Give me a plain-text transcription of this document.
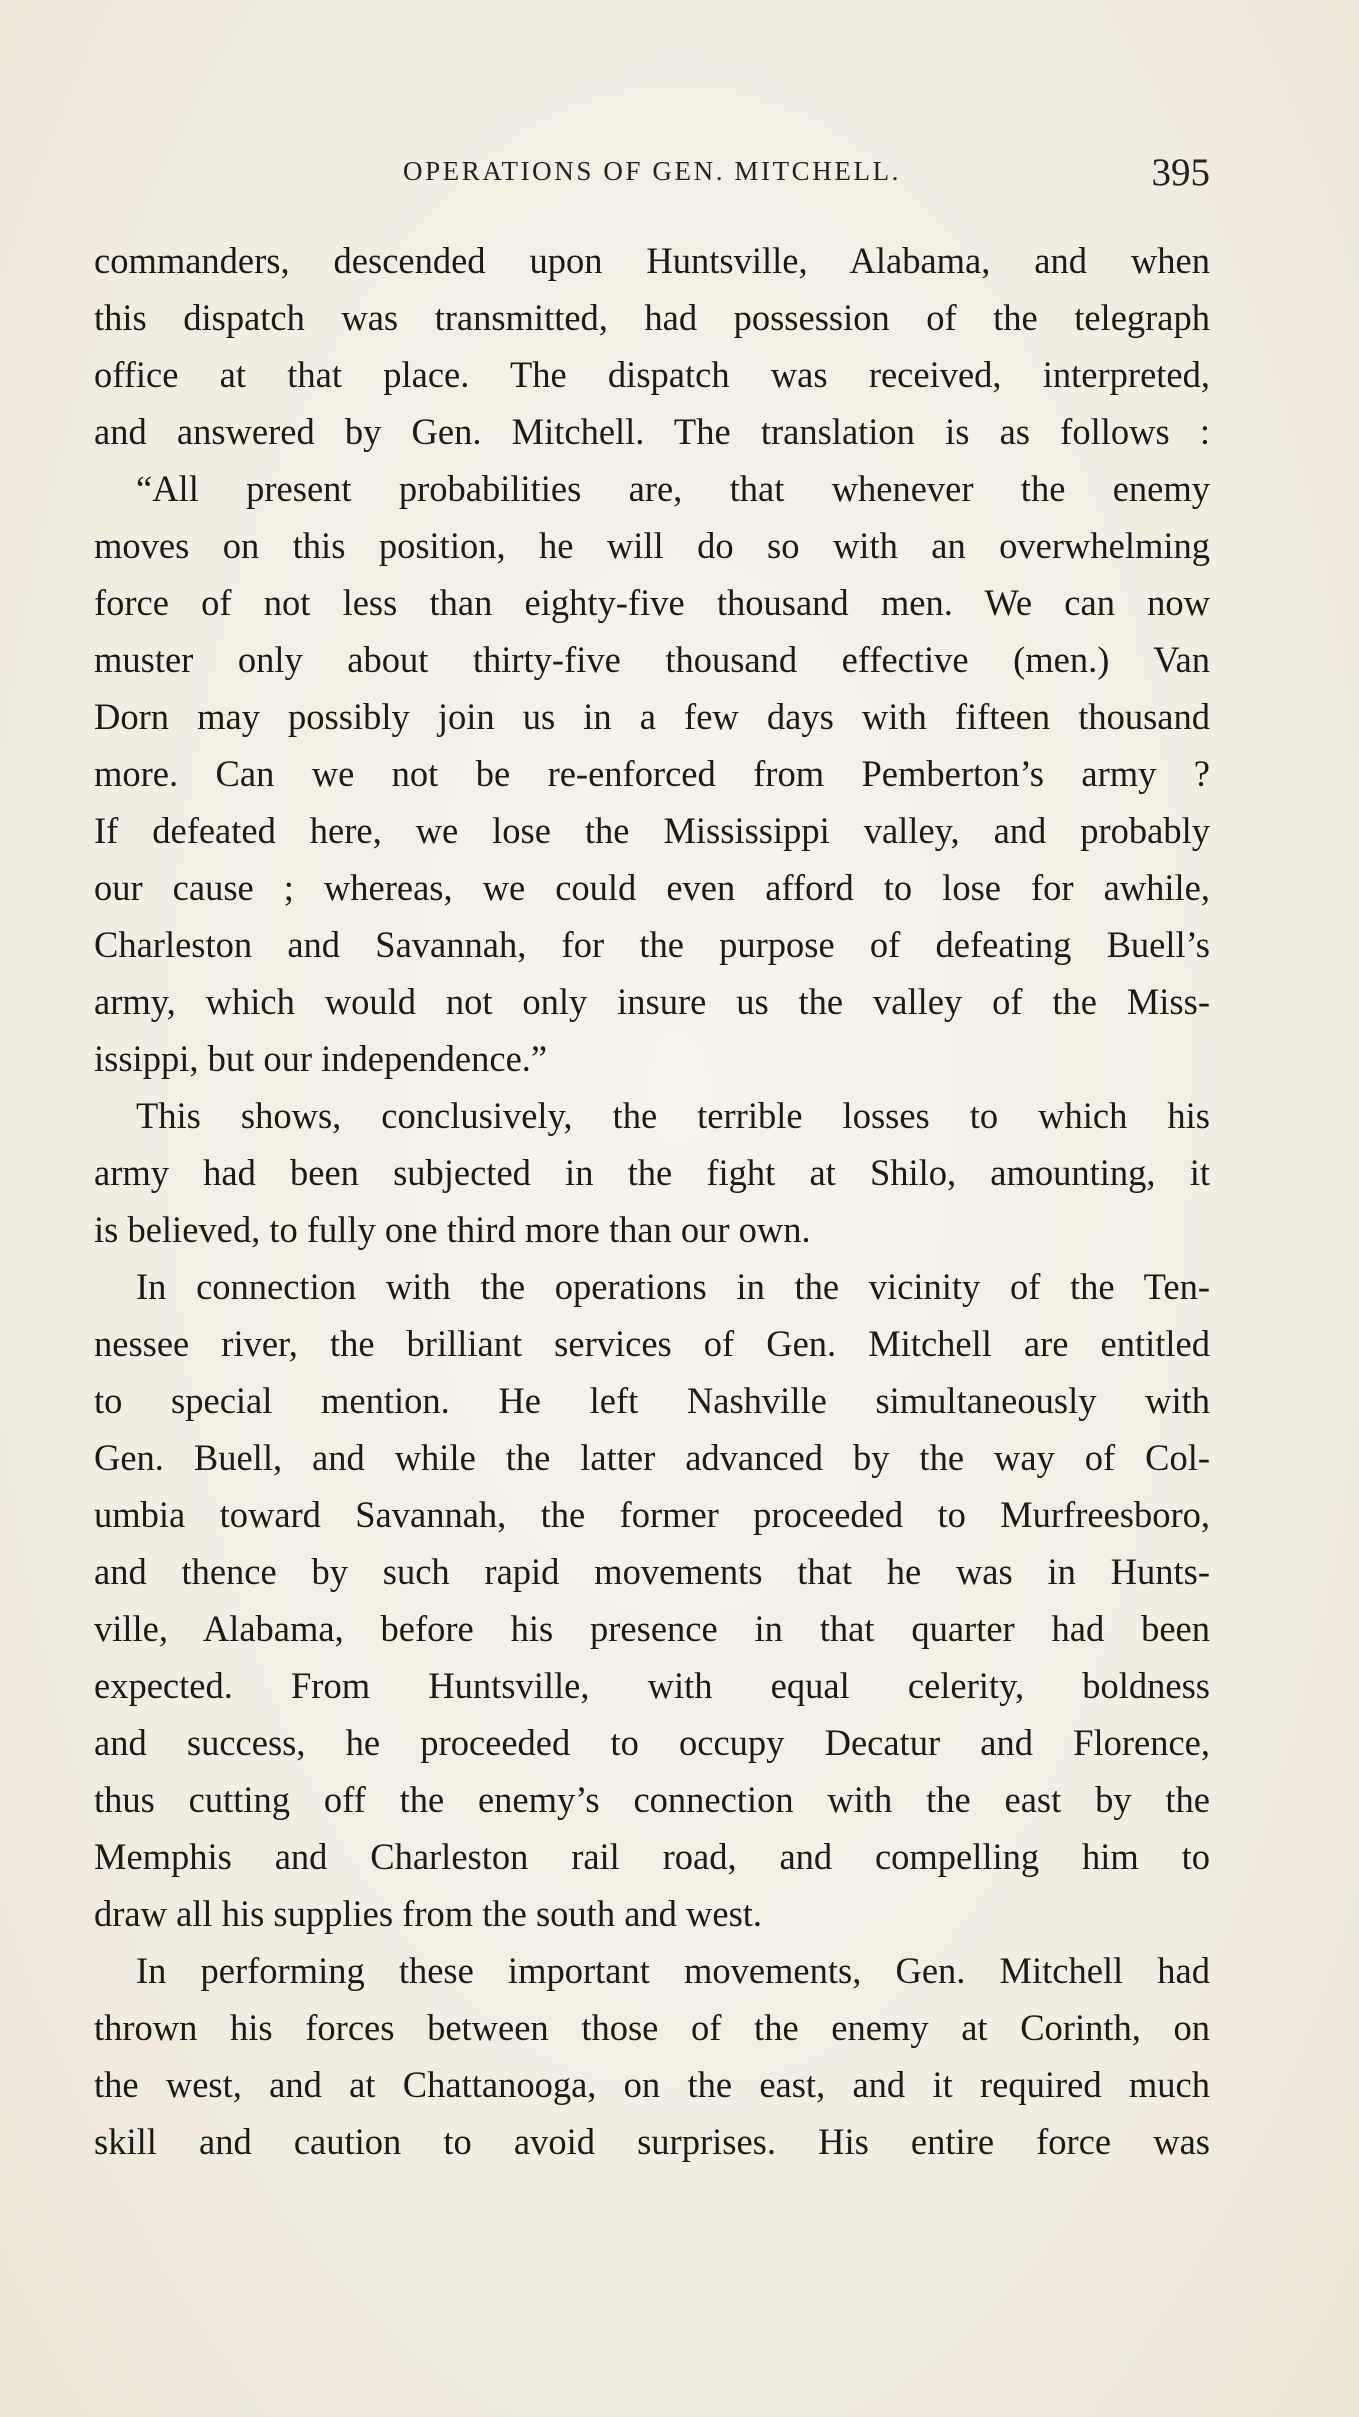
OPERATIONS OF GEN. MITCHELL.	395
commanders, descended upon Huntsville, Alabama, and when
this dispatch was transmitted, had possession of the telegraph
office at that place. The dispatch was received, interpreted,
and answered by Gen. Mitchell. The translation is as follows :
“All present probabilities are, that whenever the enemy
moves on this position, he will do so with an overwhelming
force of not less than eighty-five thousand men. We can now
muster only about thirty-five thousand effective (men.) Van
Dorn may possibly join us in a few days with fifteen thousand
more. Can we not be re-enforced from Pemberton’s army ?
If defeated here, we lose the Mississippi valley, and probably
our cause ; whereas, we could even afford to lose for awhile,
Charleston and Savannah, for the purpose of defeating Buell’s
army, which would not only insure us the valley of the Miss-
issippi, but our independence.”
This shows, conclusively, the terrible losses to which his
army had been subjected in the fight at Shilo, amounting, it
is believed, to fully one third more than our own.
In connection with the operations in the vicinity of the Ten-
nessee river, the brilliant services of Gen. Mitchell are entitled
to special mention. He left Nashville simultaneously with
Gen. Buell, and while the latter advanced by the way of Col-
umbia toward Savannah, the former proceeded to Murfreesboro,
and thence by such rapid movements that he was in Hunts-
ville, Alabama, before his presence in that quarter had been
expected. From Huntsville, with equal celerity, boldness
and success, he proceeded to occupy Decatur and Florence,
thus cutting off the enemy’s connection with the east by the
Memphis and Charleston rail road, and compelling him to
draw all his supplies from the south and west.
In performing these important movements, Gen. Mitchell had
thrown his forces between those of the enemy at Corinth, on
the west, and at Chattanooga, on the east, and it required much
skill and caution to avoid surprises. His entire force was
